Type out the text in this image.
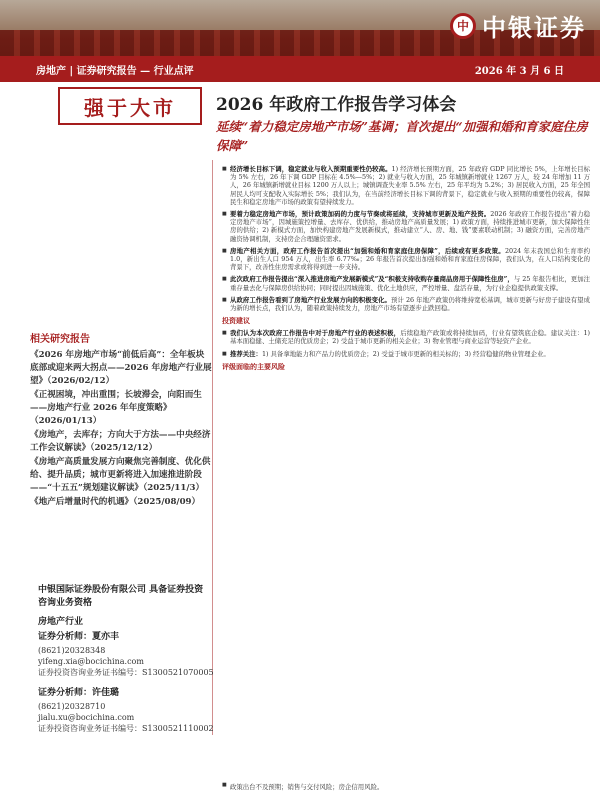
中 中银证券
房地产 | 证券研究报告 — 行业点评	2026 年 3 月 6 日
强于大市	2026 年政府工作报告学习体会
延续“着力稳定房地产市场”基调；首次提出“加强和婚和育家庭住房保障”
相关研究报告
《2026 年房地产市场“前低后高”：全年板块底部或迎来两大拐点——2026 年房地产行业展望》（2026/02/12）
《正视困境，冲出重围；长坡滞会，向阳而生——房地产行业 2026 年年度策略》（2026/01/13）
《房地产，去库存；方向大于方法——中央经济工作会议解读》（2025/12/12）
《房地产高质量发展方向聚焦完善制度、优化供给、提升品质；城市更新将进入加速推进阶段——“十五五”规划建议解读》（2025/11/3）
《地产后增量时代的机遇》（2025/08/09）
中银国际证券股份有限公司 具备证券投资咨询业务资格
房地产行业
证券分析师：夏亦丰
(8621)20328348
yifeng.xia@bocichina.com
证券投资咨询业务证书编号：S1300521070005
证券分析师：许佳璐
(8621)20328710
jialu.xu@bocichina.com
证券投资咨询业务证书编号：S1300521110002
■ 经济增长目标下调，稳定就业与收入预期重要性仍较高。1) 经济增长预期方面，25 年政府 GDP 同比增长 5%，上年增长目标为 5% 左右，26 年下调 GDP 目标在 4.5%—5%；2) 就业与收入方面，25 年城镇新增就业 1267 万人，较 24 年增加 11 万人，26 年城镇新增就业目标 1200 万人以上；城镇调查失业率 5.5% 左右，25 年平均为 5.2%；3) 居民收入方面，25 年全国居民人均可支配收入实际增长 5%；我们认为，在当前经济增长目标下调的背景下，稳定就业与收入预期的重要性仍较高，保障民生和稳定房地产市场的政策有望持续发力。
■ 要着力稳定房地产市场，预计政策加码的力度与节奏或将延续，支持城市更新及地产投资。2026 年政府工作报告提出“着力稳定房地产市场”，因城施策控增量、去库存、优供给，推动房地产高质量发展；1) 政策方面，持续推进城市更新，加大保障性住房的供给；2) 新模式方面，加快构建房地产发展新模式，推动建立“人、房、地、钱”要素联动机制；3) 融资方面，完善房地产融资协调机制，支持房企合理融资需求。
■ 房地产相关方面，政府工作报告首次提出“加强和婚和育家庭住房保障”，后续或有更多政策。2024 年末我国总和生育率约 1.0，新出生人口 954 万人，出生率 6.77‰；26 年报告首次提出加强和婚和育家庭住房保障，我们认为，在人口结构变化的背景下，改善性住房需求或将得到进一步支持。
■ 此次政府工作报告提出“深入推进房地产发展新模式”及“积极支持收购存量商品房用于保障性住房”，与 25 年报告相比，更加注重存量去化与保障房供给协同；同时提出因城施策、优化土地供应，严控增量、盘活存量，为行业企稳提供政策支撑。
■ 从政府工作报告看到了房地产行业发展方向的积极变化。预计 26 年地产政策仍将维持宽松基调，城市更新与好房子建设有望成为新的增长点，我们认为，随着政策持续发力，房地产市场有望逐步止跌回稳。
投资建议
■ 我们认为本次政府工作报告中对于房地产行业的表述积极，后续稳地产政策或将持续加码，行业有望筑底企稳。建议关注：1) 基本面稳健、土储充足的优质房企；2) 受益于城市更新的相关企业；3) 物业管理与商业运营等轻资产企业。
■ 推荐关注：1) 具备拿地能力和产品力的优质房企；2) 受益于城市更新的相关标的；3) 经营稳健的物业管理企业。
评级面临的主要风险
■ 政策出台不及预期；销售与交付风险；房企信用风险。
